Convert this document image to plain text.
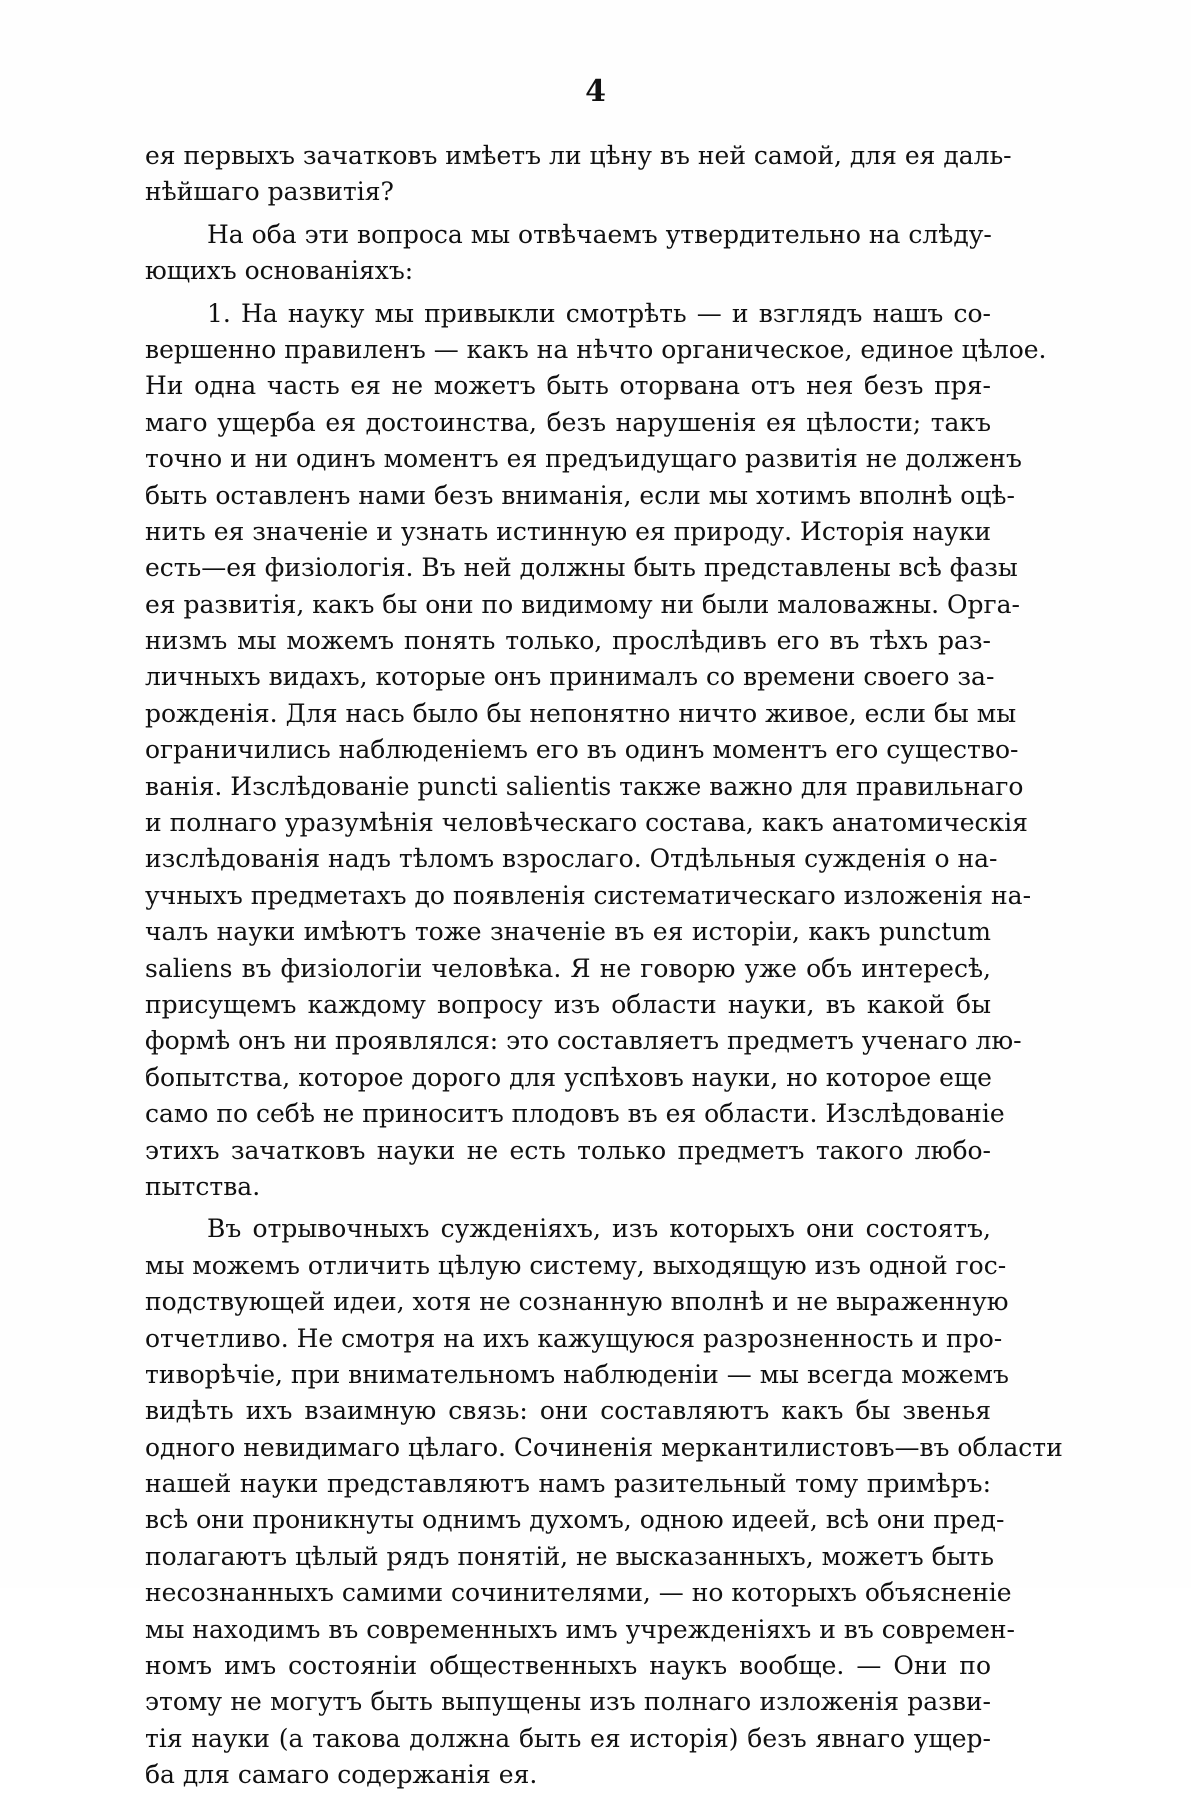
4
ея первыхъ зачатковъ имѣетъ ли цѣну въ ней самой, для ея даль-
нѣйшаго развитія?
На оба эти вопроса мы отвѣчаемъ утвердительно на слѣду-
ющихъ основаніяхъ:
1. На науку мы привыкли смотрѣть — и взглядъ нашъ со-
вершенно правиленъ — какъ на нѣчто органическое, единое цѣлое.
Ни одна часть ея не можетъ быть оторвана отъ нея безъ пря-
маго ущерба ея достоинства, безъ нарушенія ея цѣлости; такъ
точно и ни одинъ моментъ ея предъидущаго развитія не долженъ
быть оставленъ нами безъ вниманія, если мы хотимъ вполнѣ оцѣ-
нить ея значеніе и узнать истинную ея природу. Исторія науки
есть—ея физіологія. Въ ней должны быть представлены всѣ фазы
ея развитія, какъ бы они по видимому ни были маловажны. Орга-
низмъ мы можемъ понять только, прослѣдивъ его въ тѣхъ раз-
личныхъ видахъ, которые онъ принималъ со времени своего за-
рожденія. Для нась было бы непонятно ничто живое, если бы мы
ограничились наблюденіемъ его въ одинъ моментъ его существо-
ванія. Изслѣдованіе puncti salientis также важно для правильнаго
и полнаго уразумѣнія человѣческаго состава, какъ анатомическія
изслѣдованія надъ тѣломъ взрослаго. Отдѣльныя сужденія о на-
учныхъ предметахъ до появленія систематическаго изложенія на-
чалъ науки имѣютъ тоже значеніе въ ея исторіи, какъ punctum
saliens въ физіологіи человѣка. Я не говорю уже объ интересѣ,
присущемъ каждому вопросу изъ области науки, въ какой бы
формѣ онъ ни проявлялся: это составляетъ предметъ ученаго лю-
бопытства, которое дорого для успѣховъ науки, но которое еще
само по себѣ не приноситъ плодовъ въ ея области. Изслѣдованіе
этихъ зачатковъ науки не есть только предметъ такого любо-
пытства.
Въ отрывочныхъ сужденіяхъ, изъ которыхъ они состоятъ,
мы можемъ отличить цѣлую систему, выходящую изъ одной гос-
подствующей идеи, хотя не сознанную вполнѣ и не выраженную
отчетливо. Не смотря на ихъ кажущуюся разрозненность и про-
тиворѣчіе, при внимательномъ наблюденіи — мы всегда можемъ
видѣть ихъ взаимную связь: они составляютъ какъ бы звенья
одного невидимаго цѣлаго. Сочиненія меркантилистовъ—въ области
нашей науки представляютъ намъ разительный тому примѣръ:
всѣ они проникнуты однимъ духомъ, одною идеей, всѣ они пред-
полагаютъ цѣлый рядъ понятій, не высказанныхъ, можетъ быть
несознанныхъ самими сочинителями, — но которыхъ объясненіе
мы находимъ въ современныхъ имъ учрежденіяхъ и въ современ-
номъ имъ состояніи общественныхъ наукъ вообще. — Они по
этому не могутъ быть выпущены изъ полнаго изложенія разви-
тія науки (а такова должна быть ея исторія) безъ явнаго ущер-
ба для самаго содержанія ея.
